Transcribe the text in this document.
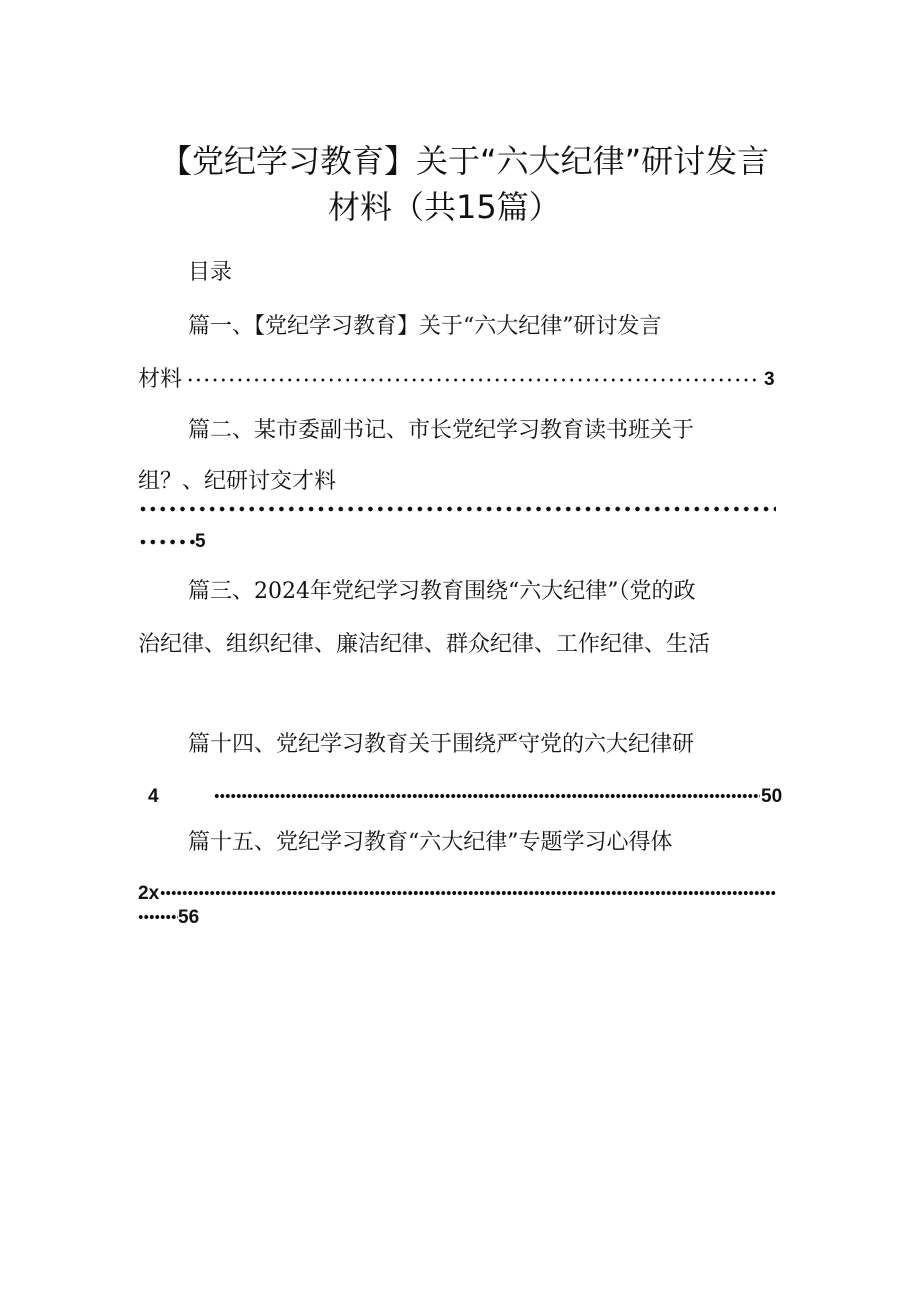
【党纪学习教育】关于“六大纪律”研讨发言
材料（共15篇）
目录
篇一、【党纪学习教育】关于“六大纪律”研讨发言
材料	3
篇二、某市委副书记、市长党纪学习教育读书班关于
组？、纪研讨交才料
5
篇三、2024年党纪学习教育围绕“六大纪律”（党的政
治纪律、组织纪律、廉洁纪律、群众纪律、工作纪律、生活
篇十四、党纪学习教育关于围绕严守党的六大纪律研
4	50
篇十五、党纪学习教育“六大纪律”专题学习心得体
2x
56
